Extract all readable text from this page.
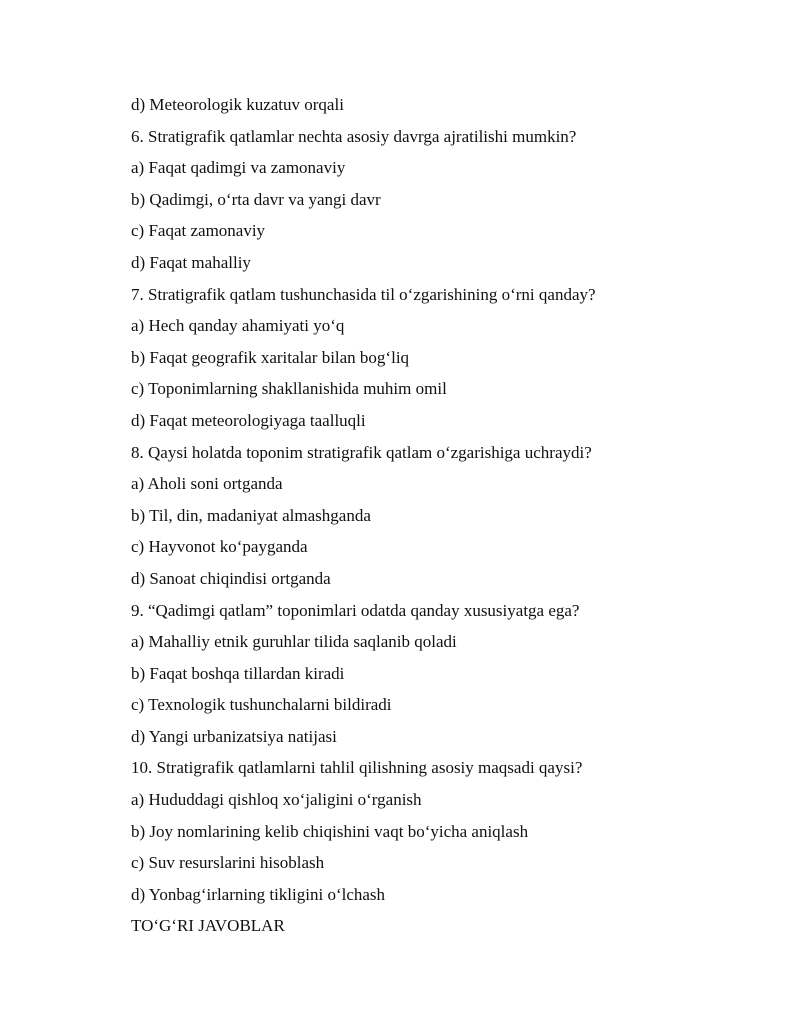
d) Meteorologik kuzatuv orqali

6. Stratigrafik qatlamlar nechta asosiy davrga ajratilishi mumkin?

a) Faqat qadimgi va zamonaviy

b) Qadimgi, o‘rta davr va yangi davr

c) Faqat zamonaviy

d) Faqat mahalliy

7. Stratigrafik qatlam tushunchasida til o‘zgarishining o‘rni qanday?

a) Hech qanday ahamiyati yo‘q

b) Faqat geografik xaritalar bilan bog‘liq

c) Toponimlarning shakllanishida muhim omil

d) Faqat meteorologiyaga taalluqli

8. Qaysi holatda toponim stratigrafik qatlam o‘zgarishiga uchraydi?

a) Aholi soni ortganda

b) Til, din, madaniyat almashganda

c) Hayvonot ko‘payganda

d) Sanoat chiqindisi ortganda

9. “Qadimgi qatlam” toponimlari odatda qanday xususiyatga ega?

a) Mahalliy etnik guruhlar tilida saqlanib qoladi

b) Faqat boshqa tillardan kiradi

c) Texnologik tushunchalarni bildiradi

d) Yangi urbanizatsiya natijasi

10. Stratigrafik qatlamlarni tahlil qilishning asosiy maqsadi qaysi?

a) Hududdagi qishloq xo‘jaligini o‘rganish

b) Joy nomlarining kelib chiqishini vaqt bo‘yicha aniqlash

c) Suv resurslarini hisoblash

d) Yonbag‘irlarning tikligini o‘lchash

TO‘G‘RI JAVOBLAR
